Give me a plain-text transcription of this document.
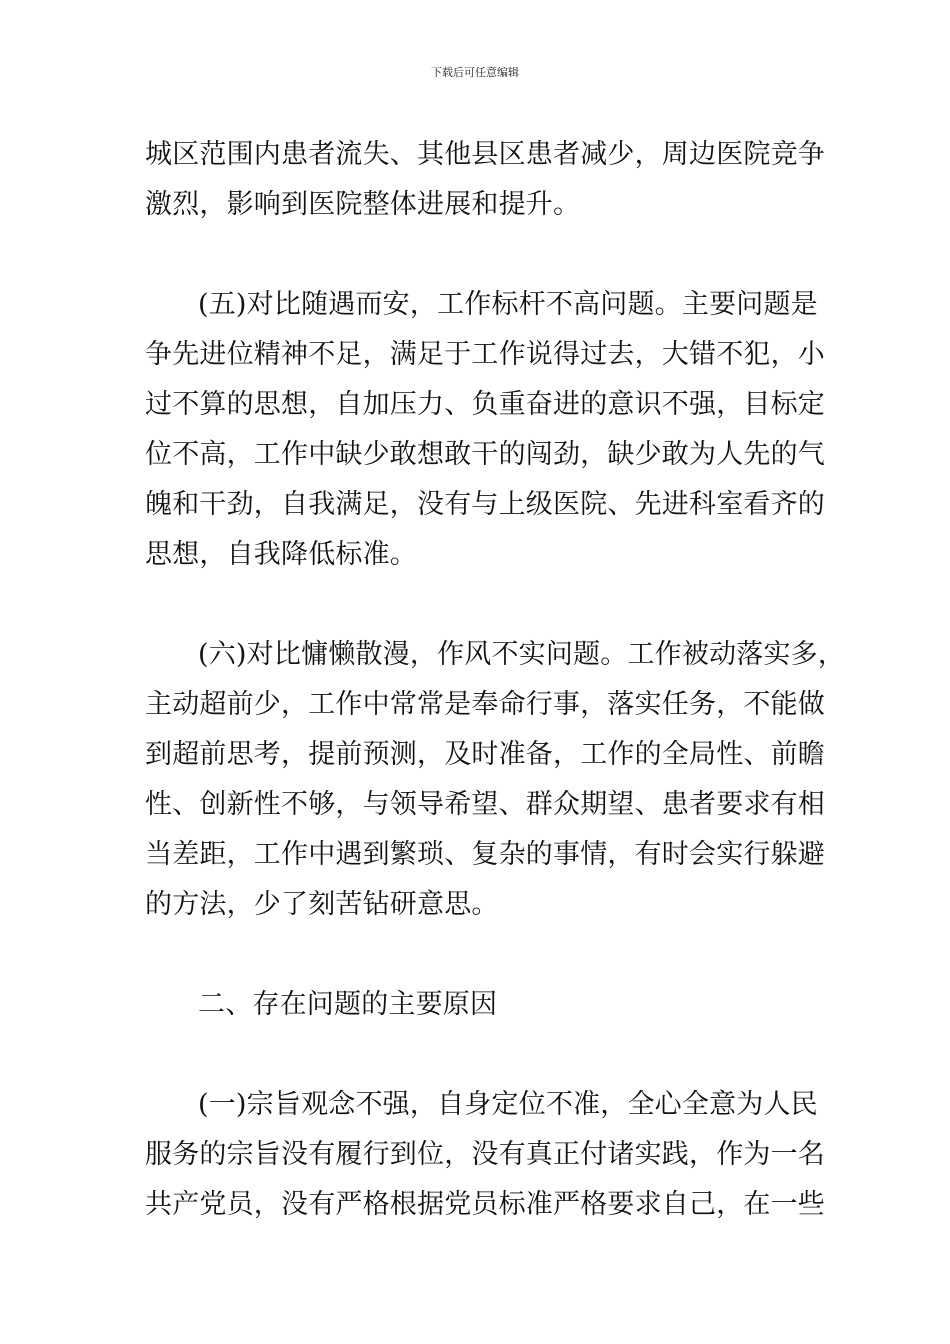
下载后可任意编辑
城区范围内患者流失、其他县区患者减少，周边医院竞争
激烈，影响到医院整体进展和提升。
(五)对比随遇而安，工作标杆不高问题。主要问题是
争先进位精神不足，满足于工作说得过去，大错不犯，小
过不算的思想，自加压力、负重奋进的意识不强，目标定
位不高，工作中缺少敢想敢干的闯劲，缺少敢为人先的气
魄和干劲，自我满足，没有与上级医院、先进科室看齐的
思想，自我降低标准。
(六)对比慵懒散漫，作风不实问题。工作被动落实多，
主动超前少，工作中常常是奉命行事，落实任务，不能做
到超前思考，提前预测，及时准备，工作的全局性、前瞻
性、创新性不够，与领导希望、群众期望、患者要求有相
当差距，工作中遇到繁琐、复杂的事情，有时会实行躲避
的方法，少了刻苦钻研意思。
二、存在问题的主要原因
(一)宗旨观念不强，自身定位不准，全心全意为人民
服务的宗旨没有履行到位，没有真正付诸实践，作为一名
共产党员，没有严格根据党员标准严格要求自己，在一些
